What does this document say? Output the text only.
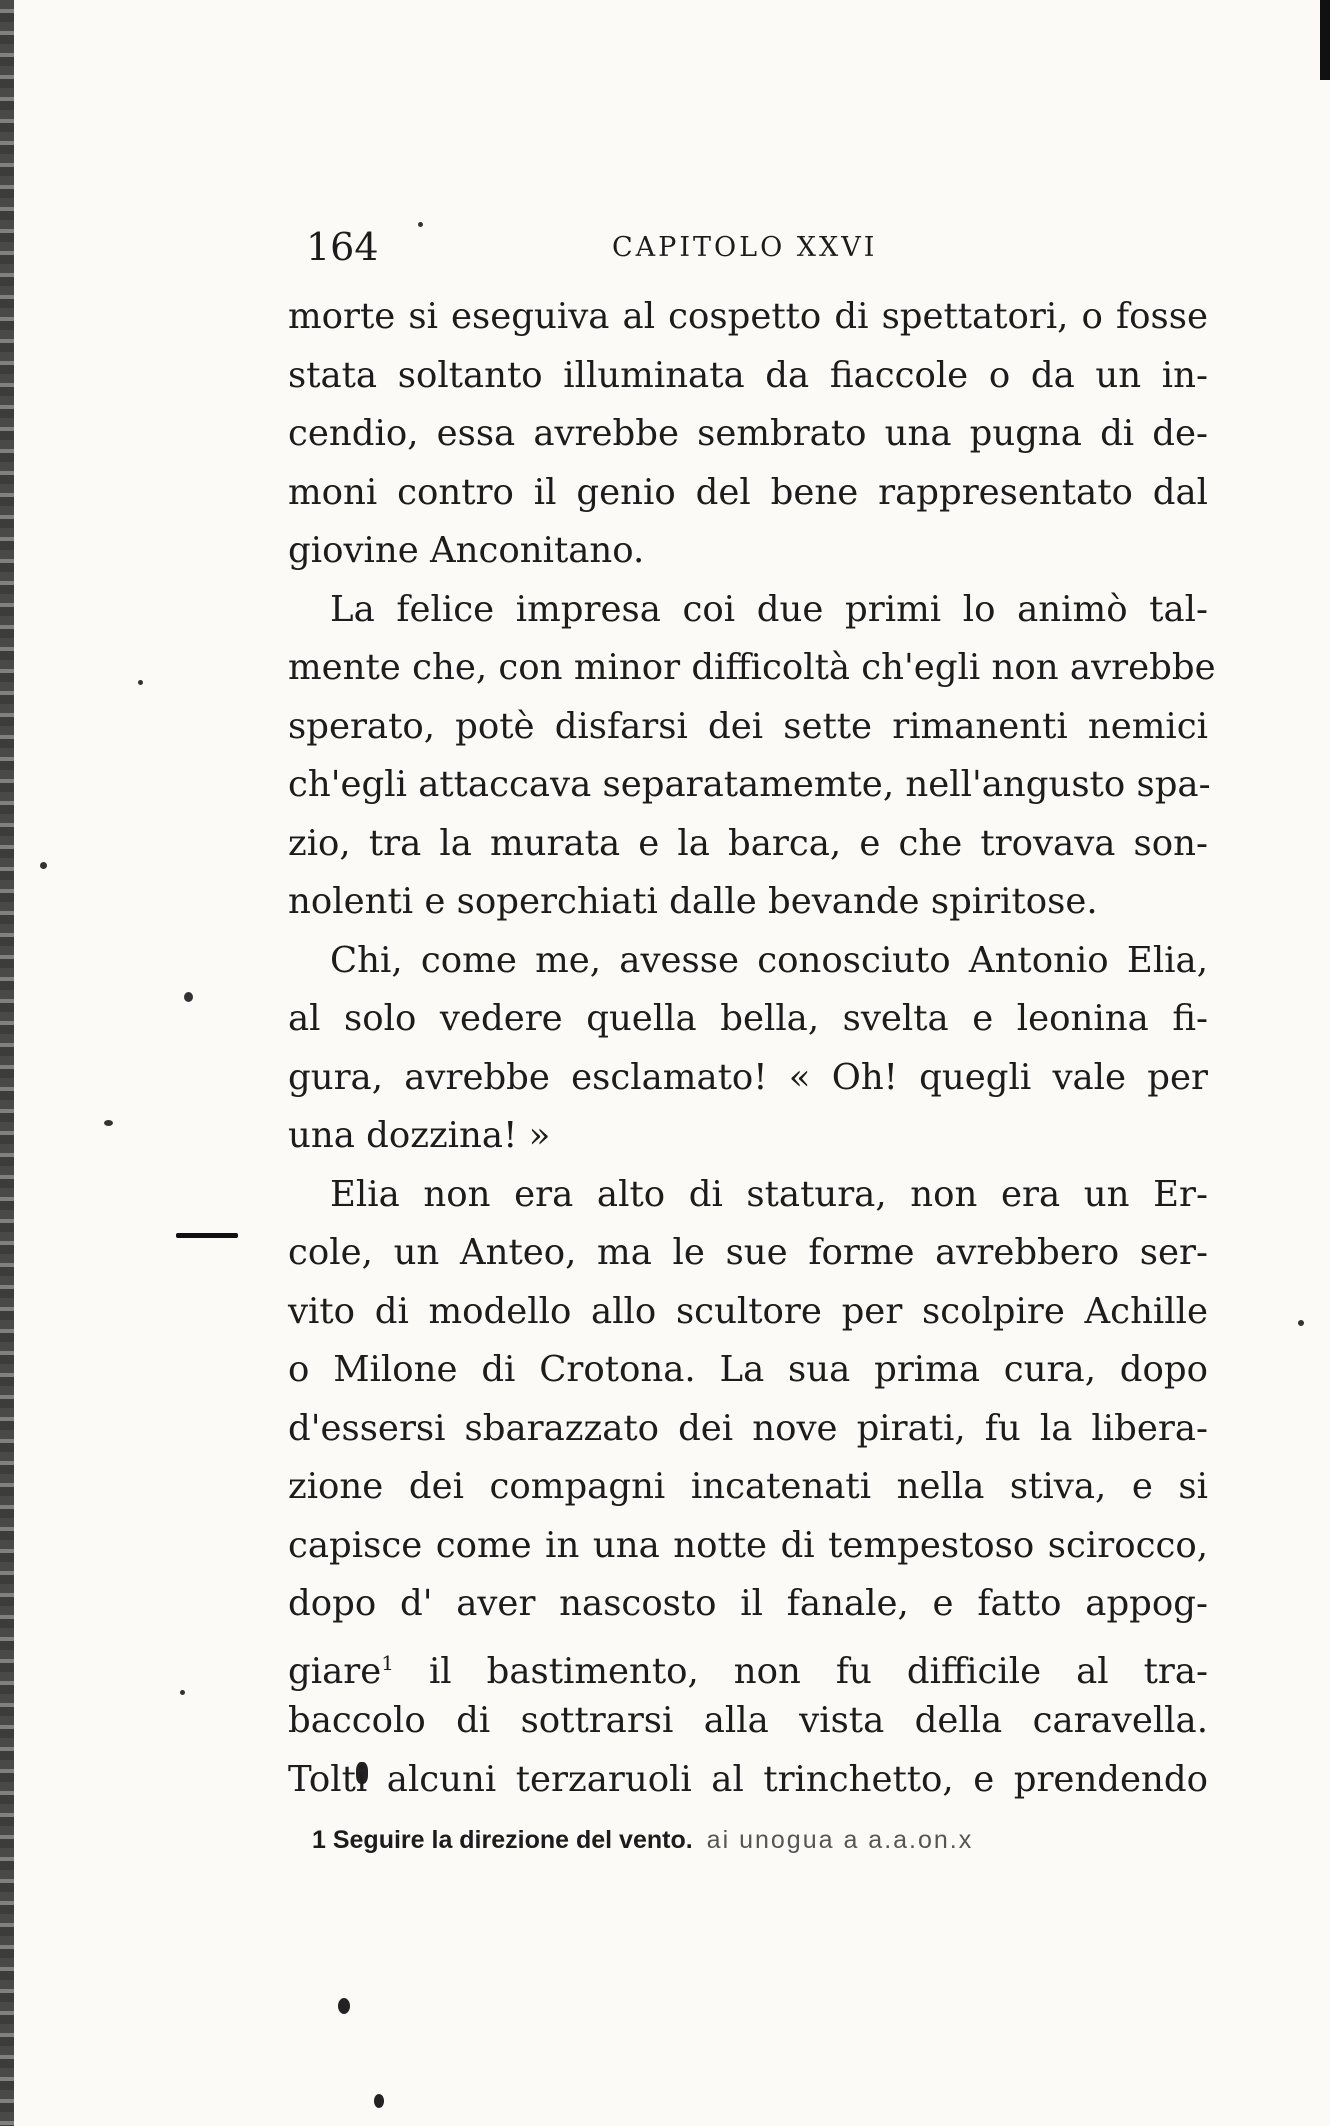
164	CAPITOLO XXVI
morte si eseguiva al cospetto di spettatori, o fosse
stata soltanto illuminata da fiaccole o da un in-
cendio, essa avrebbe sembrato una pugna di de-
moni contro il genio del bene rappresentato dal
giovine Anconitano.
La felice impresa coi due primi lo animò tal-
mente che, con minor difficoltà ch'egli non avrebbe
sperato, potè disfarsi dei sette rimanenti nemici
ch'egli attaccava separatamemte, nell'angusto spa-
zio, tra la murata e la barca, e che trovava son-
nolenti e soperchiati dalle bevande spiritose.
Chi, come me, avesse conosciuto Antonio Elia,
al solo vedere quella bella, svelta e leonina fi-
gura, avrebbe esclamato! « Oh! quegli vale per
una dozzina! »
Elia non era alto di statura, non era un Er-
cole, un Anteo, ma le sue forme avrebbero ser-
vito di modello allo scultore per scolpire Achille
o Milone di Crotona. La sua prima cura, dopo
d'essersi sbarazzato dei nove pirati, fu la libera-
zione dei compagni incatenati nella stiva, e si
capisce come in una notte di tempestoso scirocco,
dopo d' aver nascosto il fanale, e fatto appog-
giare$^1$ il bastimento, non fu difficile al tra-
baccolo di sottrarsi alla vista della caravella.
Tolti alcuni terzaruoli al trinchetto, e prendendo
1 Seguire la direzione del vento. ai unogua a a.a.on.x
